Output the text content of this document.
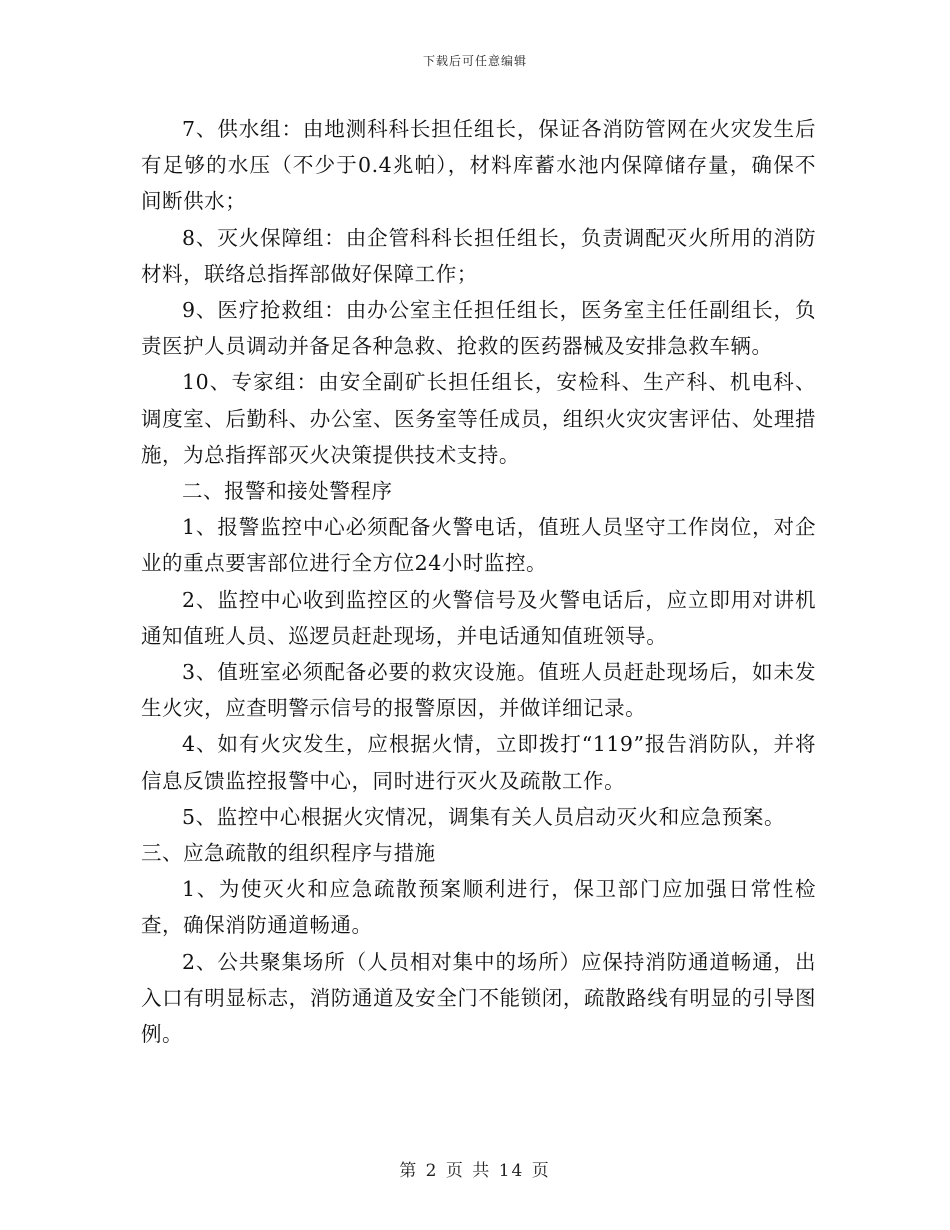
下载后可任意编辑

7、供水组：由地测科科长担任组长，保证各消防管网在火灾发生后有足够的水压（不少于0.4兆帕），材料库蓄水池内保障储存量，确保不间断供水；

8、灭火保障组：由企管科科长担任组长，负责调配灭火所用的消防材料，联络总指挥部做好保障工作；

9、医疗抢救组：由办公室主任担任组长，医务室主任任副组长，负责医护人员调动并备足各种急救、抢救的医药器械及安排急救车辆。

10、专家组：由安全副矿长担任组长，安检科、生产科、机电科、调度室、后勤科、办公室、医务室等任成员，组织火灾灾害评估、处理措施，为总指挥部灭火决策提供技术支持。

二、报警和接处警程序

1、报警监控中心必须配备火警电话，值班人员坚守工作岗位，对企业的重点要害部位进行全方位24小时监控。

2、监控中心收到监控区的火警信号及火警电话后，应立即用对讲机通知值班人员、巡逻员赶赴现场，并电话通知值班领导。

3、值班室必须配备必要的救灾设施。值班人员赶赴现场后，如未发生火灾，应查明警示信号的报警原因，并做详细记录。

4、如有火灾发生，应根据火情，立即拨打“119”报告消防队，并将信息反馈监控报警中心，同时进行灭火及疏散工作。

5、监控中心根据火灾情况，调集有关人员启动灭火和应急预案。

三、应急疏散的组织程序与措施

1、为使灭火和应急疏散预案顺利进行，保卫部门应加强日常性检查，确保消防通道畅通。

2、公共聚集场所（人员相对集中的场所）应保持消防通道畅通，出入口有明显标志，消防通道及安全门不能锁闭，疏散路线有明显的引导图例。

第 2 页 共 14 页
